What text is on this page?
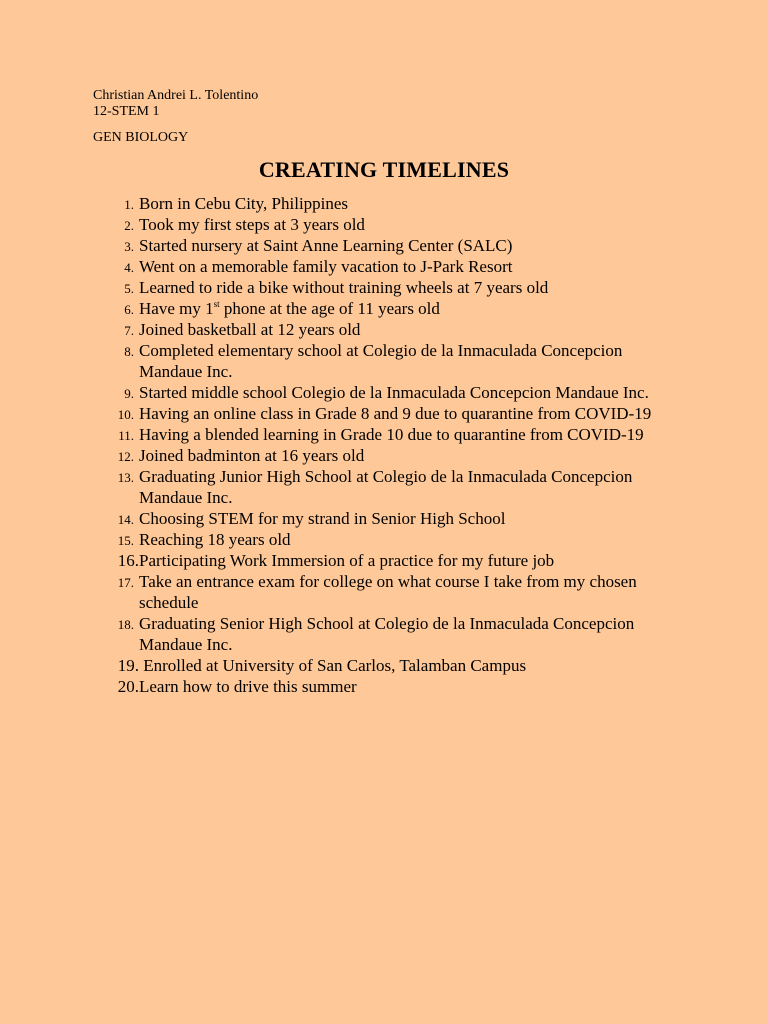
Christian Andrei L. Tolentino
12-STEM 1
GEN BIOLOGY
CREATING TIMELINES
1. Born in Cebu City, Philippines
2. Took my first steps at 3 years old
3. Started nursery at Saint Anne Learning Center (SALC)
4. Went on a memorable family vacation to J-Park Resort
5. Learned to ride a bike without training wheels at 7 years old
6. Have my 1st phone at the age of 11 years old
7. Joined basketball at 12 years old
8. Completed elementary school at Colegio de la Inmaculada Concepcion Mandaue Inc.
9. Started middle school Colegio de la Inmaculada Concepcion Mandaue Inc.
10. Having an online class in Grade 8 and 9 due to quarantine from COVID-19
11. Having a blended learning in Grade 10 due to quarantine from COVID-19
12. Joined badminton at 16 years old
13. Graduating Junior High School at Colegio de la Inmaculada Concepcion Mandaue Inc.
14. Choosing STEM for my strand in Senior High School
15. Reaching 18 years old
16. Participating Work Immersion of a practice for my future job
17. Take an entrance exam for college on what course I take from my chosen schedule
18. Graduating Senior High School at Colegio de la Inmaculada Concepcion Mandaue Inc.
19. Enrolled at University of San Carlos, Talamban Campus
20. Learn how to drive this summer
